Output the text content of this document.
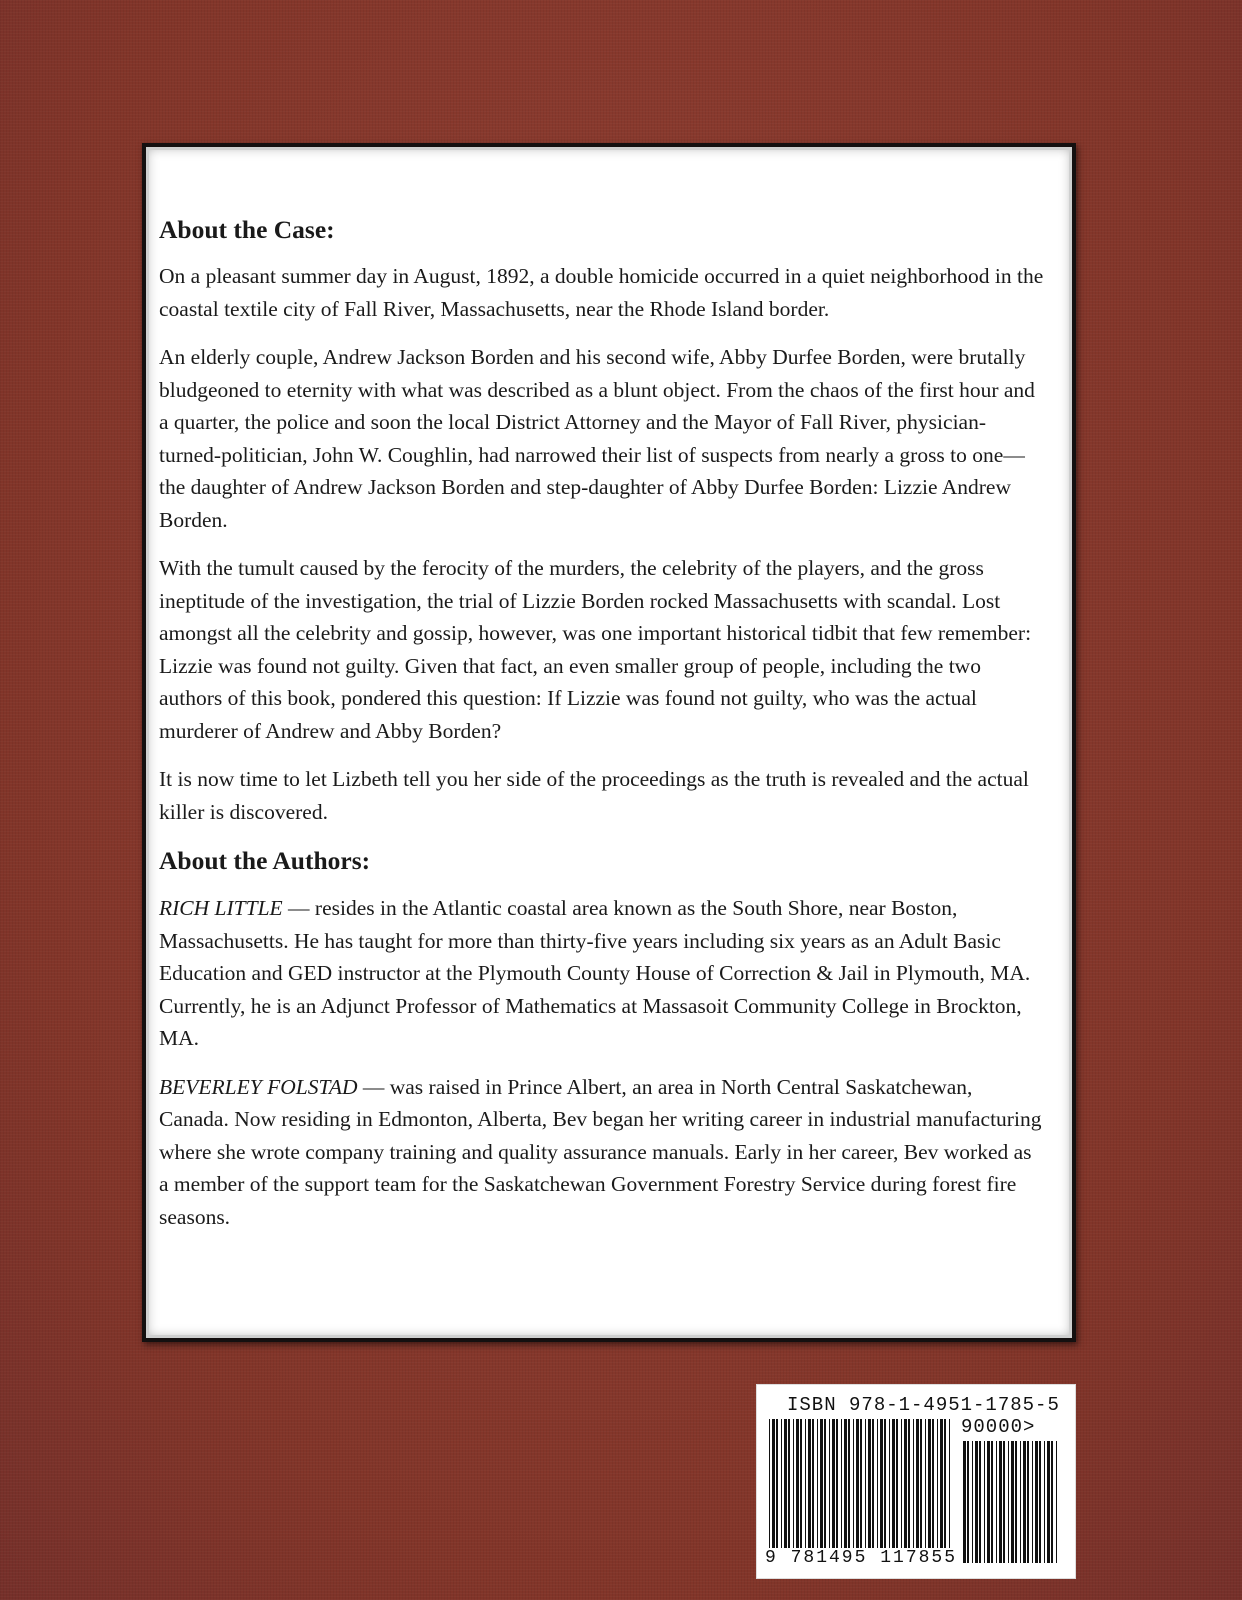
About the Case:

On a pleasant summer day in August, 1892, a double homicide occurred in a quiet neighborhood in the coastal textile city of Fall River, Massachusetts, near the Rhode Island border.

An elderly couple, Andrew Jackson Borden and his second wife, Abby Durfee Borden, were brutally bludgeoned to eternity with what was described as a blunt object. From the chaos of the first hour and a quarter, the police and soon the local District Attorney and the Mayor of Fall River, physician-turned-politician, John W. Coughlin, had narrowed their list of suspects from nearly a gross to one—the daughter of Andrew Jackson Borden and step-daughter of Abby Durfee Borden: Lizzie Andrew Borden.

With the tumult caused by the ferocity of the murders, the celebrity of the players, and the gross ineptitude of the investigation, the trial of Lizzie Borden rocked Massachusetts with scandal. Lost amongst all the celebrity and gossip, however, was one important historical tidbit that few remember: Lizzie was found not guilty. Given that fact, an even smaller group of people, including the two authors of this book, pondered this question: If Lizzie was found not guilty, who was the actual murderer of Andrew and Abby Borden?

It is now time to let Lizbeth tell you her side of the proceedings as the truth is revealed and the actual killer is discovered.

About the Authors:

RICH LITTLE — resides in the Atlantic coastal area known as the South Shore, near Boston, Massachusetts. He has taught for more than thirty-five years including six years as an Adult Basic Education and GED instructor at the Plymouth County House of Correction & Jail in Plymouth, MA. Currently, he is an Adjunct Professor of Mathematics at Massasoit Community College in Brockton, MA.

BEVERLEY FOLSTAD — was raised in Prince Albert, an area in North Central Saskatchewan, Canada. Now residing in Edmonton, Alberta, Bev began her writing career in industrial manufacturing where she wrote company training and quality assurance manuals. Early in her career, Bev worked as a member of the support team for the Saskatchewan Government Forestry Service during forest fire seasons.

ISBN 978-1-4951-1785-5
90000>
9 781495 117855
